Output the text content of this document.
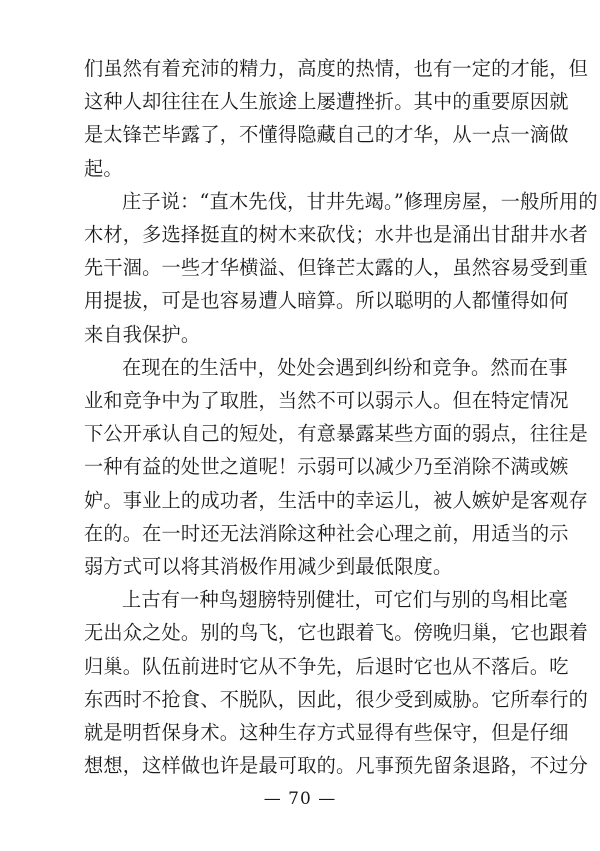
们虽然有着充沛的精力，高度的热情，也有一定的才能，但
这种人却往往在人生旅途上屡遭挫折。其中的重要原因就
是太锋芒毕露了，不懂得隐藏自己的才华，从一点一滴做
起。
庄子说：“直木先伐，甘井先竭。”修理房屋，一般所用的
木材，多选择挺直的树木来砍伐；水井也是涌出甘甜井水者
先干涸。一些才华横溢、但锋芒太露的人，虽然容易受到重
用提拔，可是也容易遭人暗算。所以聪明的人都懂得如何
来自我保护。
在现在的生活中，处处会遇到纠纷和竞争。然而在事
业和竞争中为了取胜，当然不可以弱示人。但在特定情况
下公开承认自己的短处，有意暴露某些方面的弱点，往往是
一种有益的处世之道呢！示弱可以减少乃至消除不满或嫉
妒。事业上的成功者，生活中的幸运儿，被人嫉妒是客观存
在的。在一时还无法消除这种社会心理之前，用适当的示
弱方式可以将其消极作用减少到最低限度。
上古有一种鸟翅膀特别健壮，可它们与别的鸟相比毫
无出众之处。别的鸟飞，它也跟着飞。傍晚归巢，它也跟着
归巢。队伍前进时它从不争先，后退时它也从不落后。吃
东西时不抢食、不脱队，因此，很少受到威胁。它所奉行的
就是明哲保身术。这种生存方式显得有些保守，但是仔细
想想，这样做也许是最可取的。凡事预先留条退路，不过分
— 70 —
